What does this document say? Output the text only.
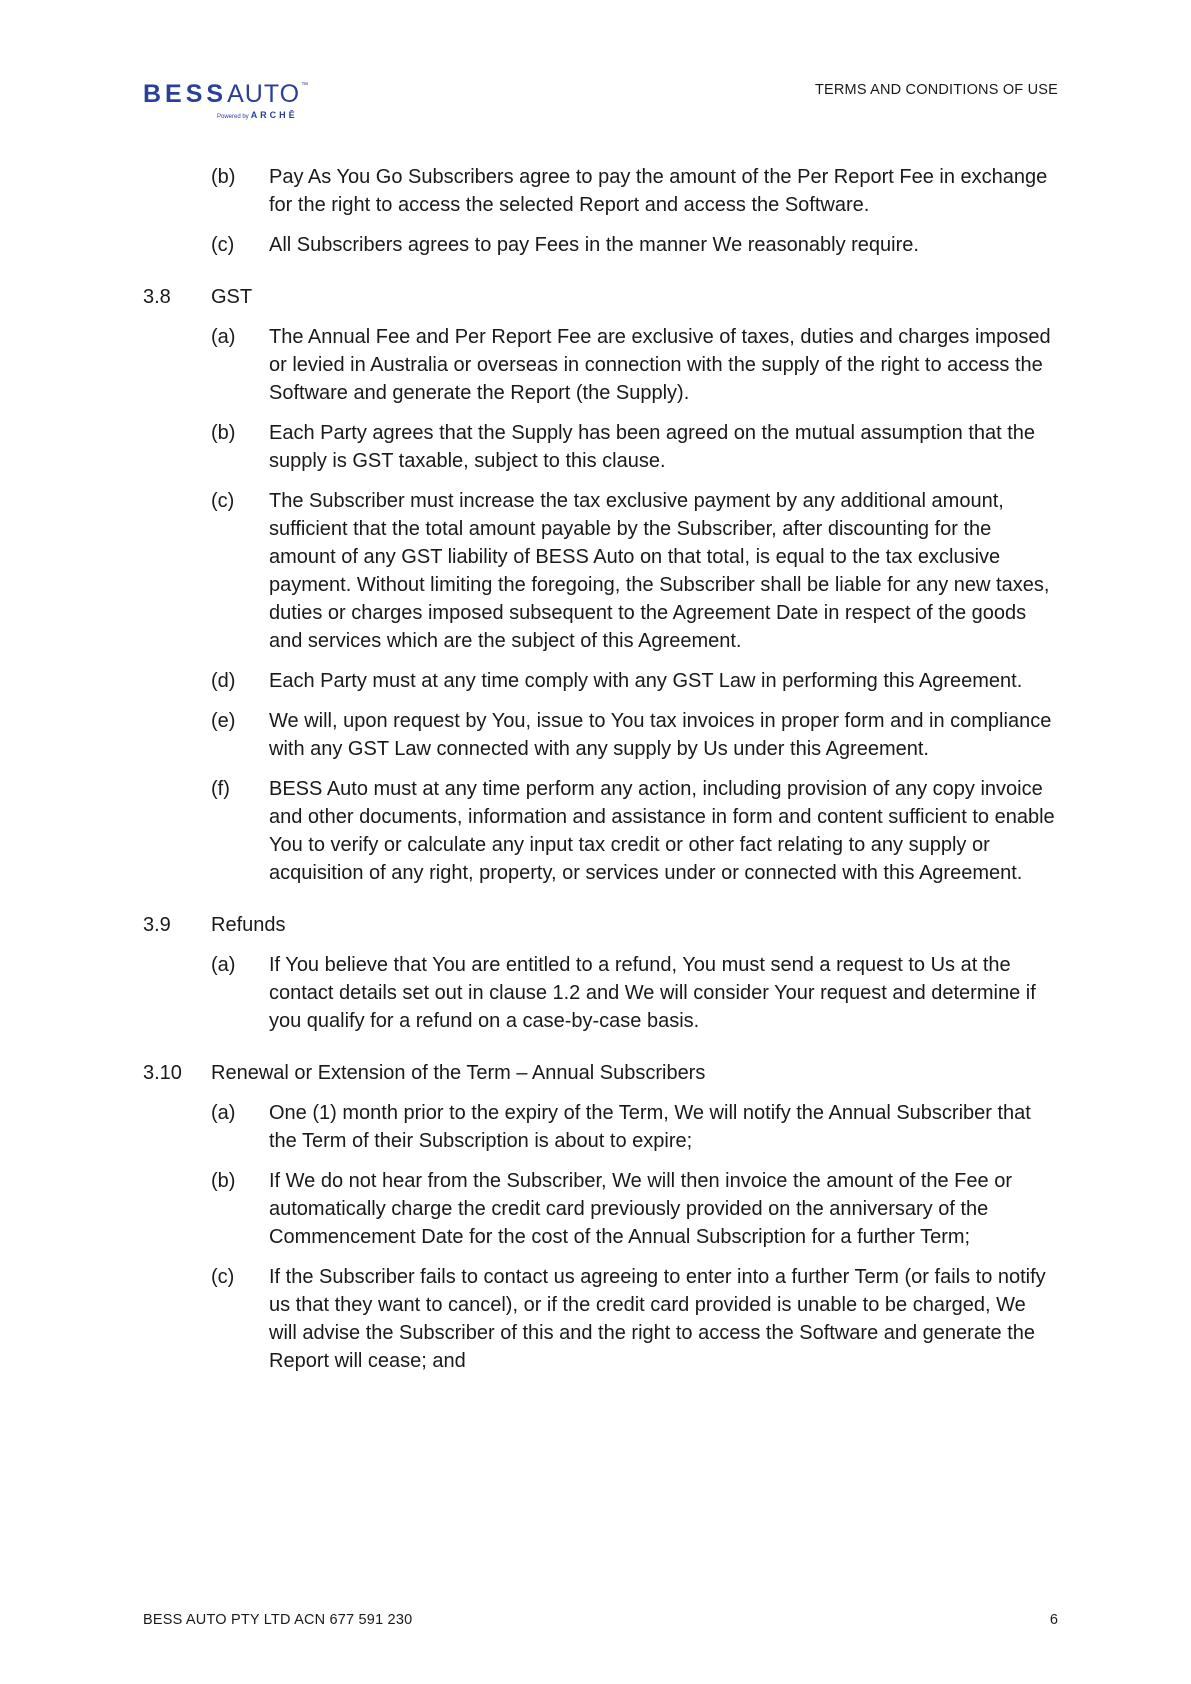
BESSAUTO™
Powered by ARCHĒ
TERMS AND CONDITIONS OF USE
(b) Pay As You Go Subscribers agree to pay the amount of the Per Report Fee in exchange for the right to access the selected Report and access the Software.
(c) All Subscribers agrees to pay Fees in the manner We reasonably require.
3.8 GST
(a) The Annual Fee and Per Report Fee are exclusive of taxes, duties and charges imposed or levied in Australia or overseas in connection with the supply of the right to access the Software and generate the Report (the Supply).
(b) Each Party agrees that the Supply has been agreed on the mutual assumption that the supply is GST taxable, subject to this clause.
(c) The Subscriber must increase the tax exclusive payment by any additional amount, sufficient that the total amount payable by the Subscriber, after discounting for the amount of any GST liability of BESS Auto on that total, is equal to the tax exclusive payment. Without limiting the foregoing, the Subscriber shall be liable for any new taxes, duties or charges imposed subsequent to the Agreement Date in respect of the goods and services which are the subject of this Agreement.
(d) Each Party must at any time comply with any GST Law in performing this Agreement.
(e) We will, upon request by You, issue to You tax invoices in proper form and in compliance with any GST Law connected with any supply by Us under this Agreement.
(f) BESS Auto must at any time perform any action, including provision of any copy invoice and other documents, information and assistance in form and content sufficient to enable You to verify or calculate any input tax credit or other fact relating to any supply or acquisition of any right, property, or services under or connected with this Agreement.
3.9 Refunds
(a) If You believe that You are entitled to a refund, You must send a request to Us at the contact details set out in clause 1.2 and We will consider Your request and determine if you qualify for a refund on a case-by-case basis.
3.10 Renewal or Extension of the Term – Annual Subscribers
(a) One (1) month prior to the expiry of the Term, We will notify the Annual Subscriber that the Term of their Subscription is about to expire;
(b) If We do not hear from the Subscriber, We will then invoice the amount of the Fee or automatically charge the credit card previously provided on the anniversary of the Commencement Date for the cost of the Annual Subscription for a further Term;
(c) If the Subscriber fails to contact us agreeing to enter into a further Term (or fails to notify us that they want to cancel), or if the credit card provided is unable to be charged, We will advise the Subscriber of this and the right to access the Software and generate the Report will cease; and
BESS AUTO PTY LTD ACN 677 591 230	6
